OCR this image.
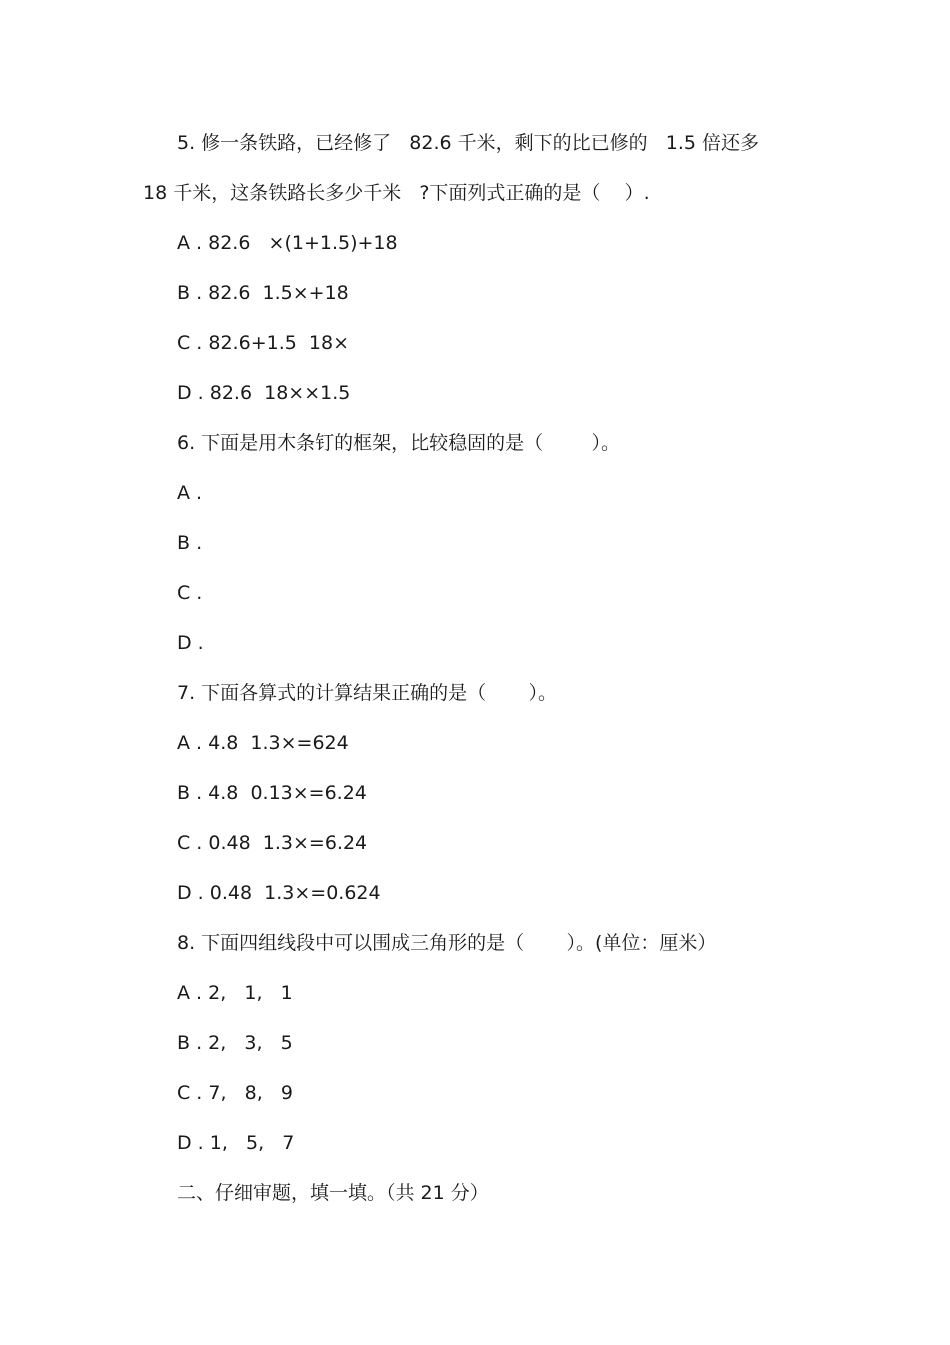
5. 修一条铁路，已经修了   82.6 千米，剩下的比已修的   1.5 倍还多
18 千米，这条铁路长多少千米   ?下面列式正确的是（    ）.
A . 82.6   ×(1+1.5)+18
B . 82.6  1.5×+18
C . 82.6+1.5  18×
D . 82.6  18××1.5
6. 下面是用木条钉的框架，比较稳固的是（        ）。
A .
B .
C .
D .
7. 下面各算式的计算结果正确的是（       ）。
A . 4.8  1.3×=624
B . 4.8  0.13×=6.24
C . 0.48  1.3×=6.24
D . 0.48  1.3×=0.624
8. 下面四组线段中可以围成三角形的是（       ）。(单位：厘米）
A . 2,   1,   1
B . 2,   3,   5
C . 7,   8,   9
D . 1,   5,   7
二、仔细审题，填一填。（共 21 分）
